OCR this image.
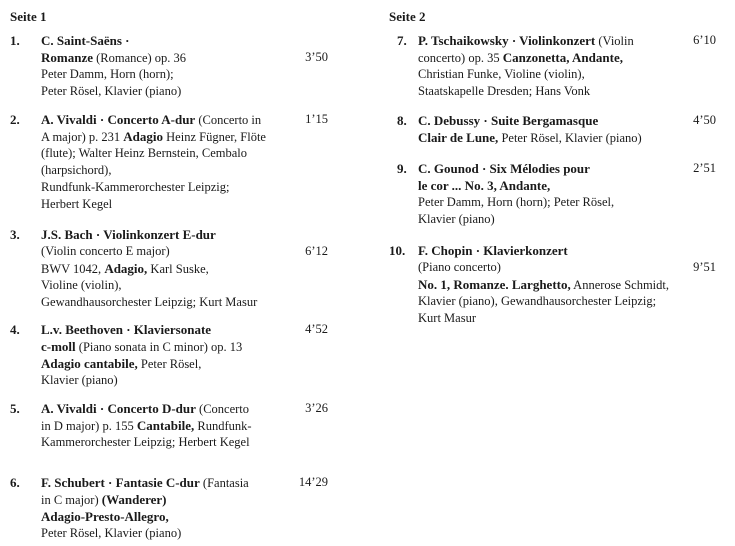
Seite 1	Seite 2
1. C. Saint-Saëns ·
Romanze (Romance) op. 36
Peter Damm, Horn (horn);
Peter Rösel, Klavier (piano)
3’50
2. A. Vivaldi · Concerto A-dur (Concerto in
A major) p. 231 Adagio Heinz Fügner, Flöte
(flute); Walter Heinz Bernstein, Cembalo
(harpsichord),
Rundfunk-Kammerorchester Leipzig;
Herbert Kegel
1’15
3. J.S. Bach · Violinkonzert E-dur
(Violin concerto E major)
BWV 1042, Adagio, Karl Suske,
Violine (violin),
Gewandhausorchester Leipzig; Kurt Masur
6’12
4. L.v. Beethoven · Klaviersonate
c-moll (Piano sonata in C minor) op. 13
Adagio cantabile, Peter Rösel,
Klavier (piano)
4’52
5. A. Vivaldi · Concerto D-dur (Concerto
in D major) p. 155 Cantabile, Rundfunk-
Kammerorchester Leipzig; Herbert Kegel
3’26
6. F. Schubert · Fantasie C-dur (Fantasia
in C major) (Wanderer)
Adagio-Presto-Allegro,
Peter Rösel, Klavier (piano)
14’29
7. P. Tschaikowsky · Violinkonzert (Violin
concerto) op. 35 Canzonetta, Andante,
Christian Funke, Violine (violin),
Staatskapelle Dresden; Hans Vonk
6’10
8. C. Debussy · Suite Bergamasque
Clair de Lune, Peter Rösel, Klavier (piano)
4’50
9. C. Gounod · Six Mélodies pour
le cor ... No. 3, Andante,
Peter Damm, Horn (horn); Peter Rösel,
Klavier (piano)
2’51
10. F. Chopin · Klavierkonzert
(Piano concerto)
No. 1, Romanze. Larghetto, Annerose Schmidt,
Klavier (piano), Gewandhausorchester Leipzig;
Kurt Masur
9’51
